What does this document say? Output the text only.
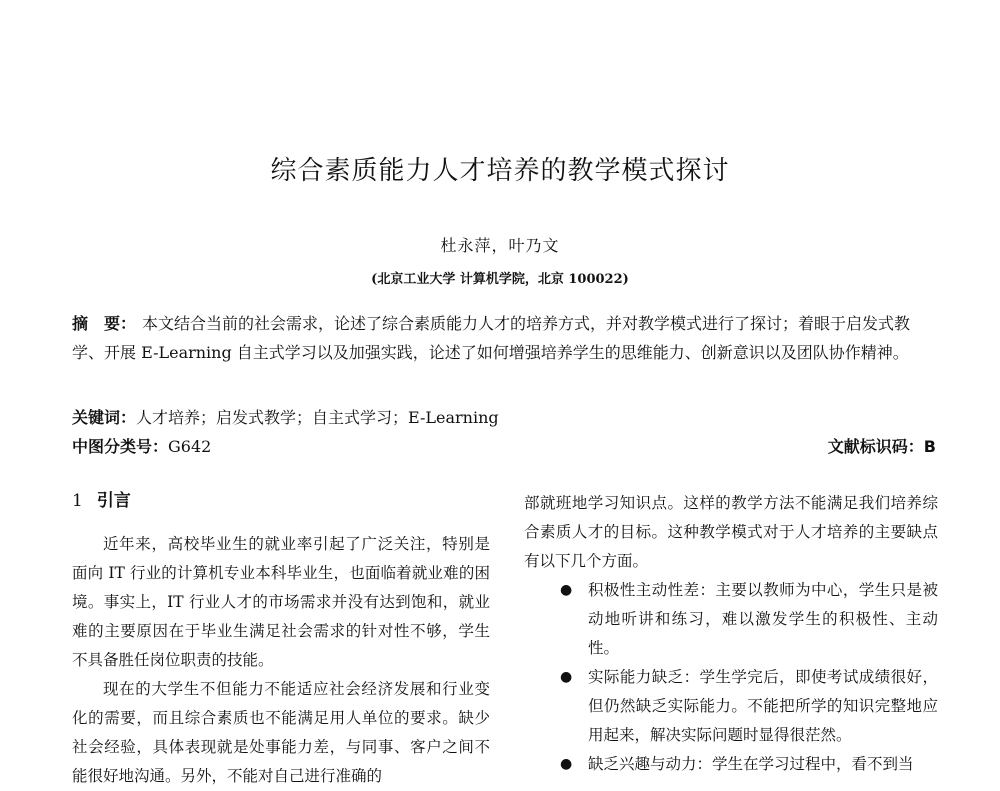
综合素质能力人才培养的教学模式探讨
杜永萍，叶乃文
(北京工业大学 计算机学院，北京 100022)

摘　要： 本文结合当前的社会需求，论述了综合素质能力人才的培养方式，并对教学模式进行了探讨；着眼于启发式教学、开展 E-Learning 自主式学习以及加强实践，论述了如何增强培养学生的思维能力、创新意识以及团队协作精神。

关键词：人才培养；启发式教学；自主式学习；E-Learning
中图分类号：G642	文献标识码：B
1 引言

近年来，高校毕业生的就业率引起了广泛关注，特别是面向 IT 行业的计算机专业本科毕业生，也面临着就业难的困境。事实上，IT 行业人才的市场需求并没有达到饱和，就业难的主要原因在于毕业生满足社会需求的针对性不够，学生不具备胜任岗位职责的技能。

现在的大学生不但能力不能适应社会经济发展和行业变化的需要，而且综合素质也不能满足用人单位的要求。缺少社会经验，具体表现就是处事能力差，与同事、客户之间不能很好地沟通。另外，不能对自己进行准确的

部就班地学习知识点。这样的教学方法不能满足我们培养综合素质人才的目标。这种教学模式对于人才培养的主要缺点有以下几个方面。

● 积极性主动性差：主要以教师为中心，学生只是被动地听讲和练习，难以激发学生的积极性、主动性。
● 实际能力缺乏：学生学完后，即使考试成绩很好，但仍然缺乏实际能力。不能把所学的知识完整地应用起来，解决实际问题时显得很茫然。
● 缺乏兴趣与动力：学生在学习过程中，看不到当
